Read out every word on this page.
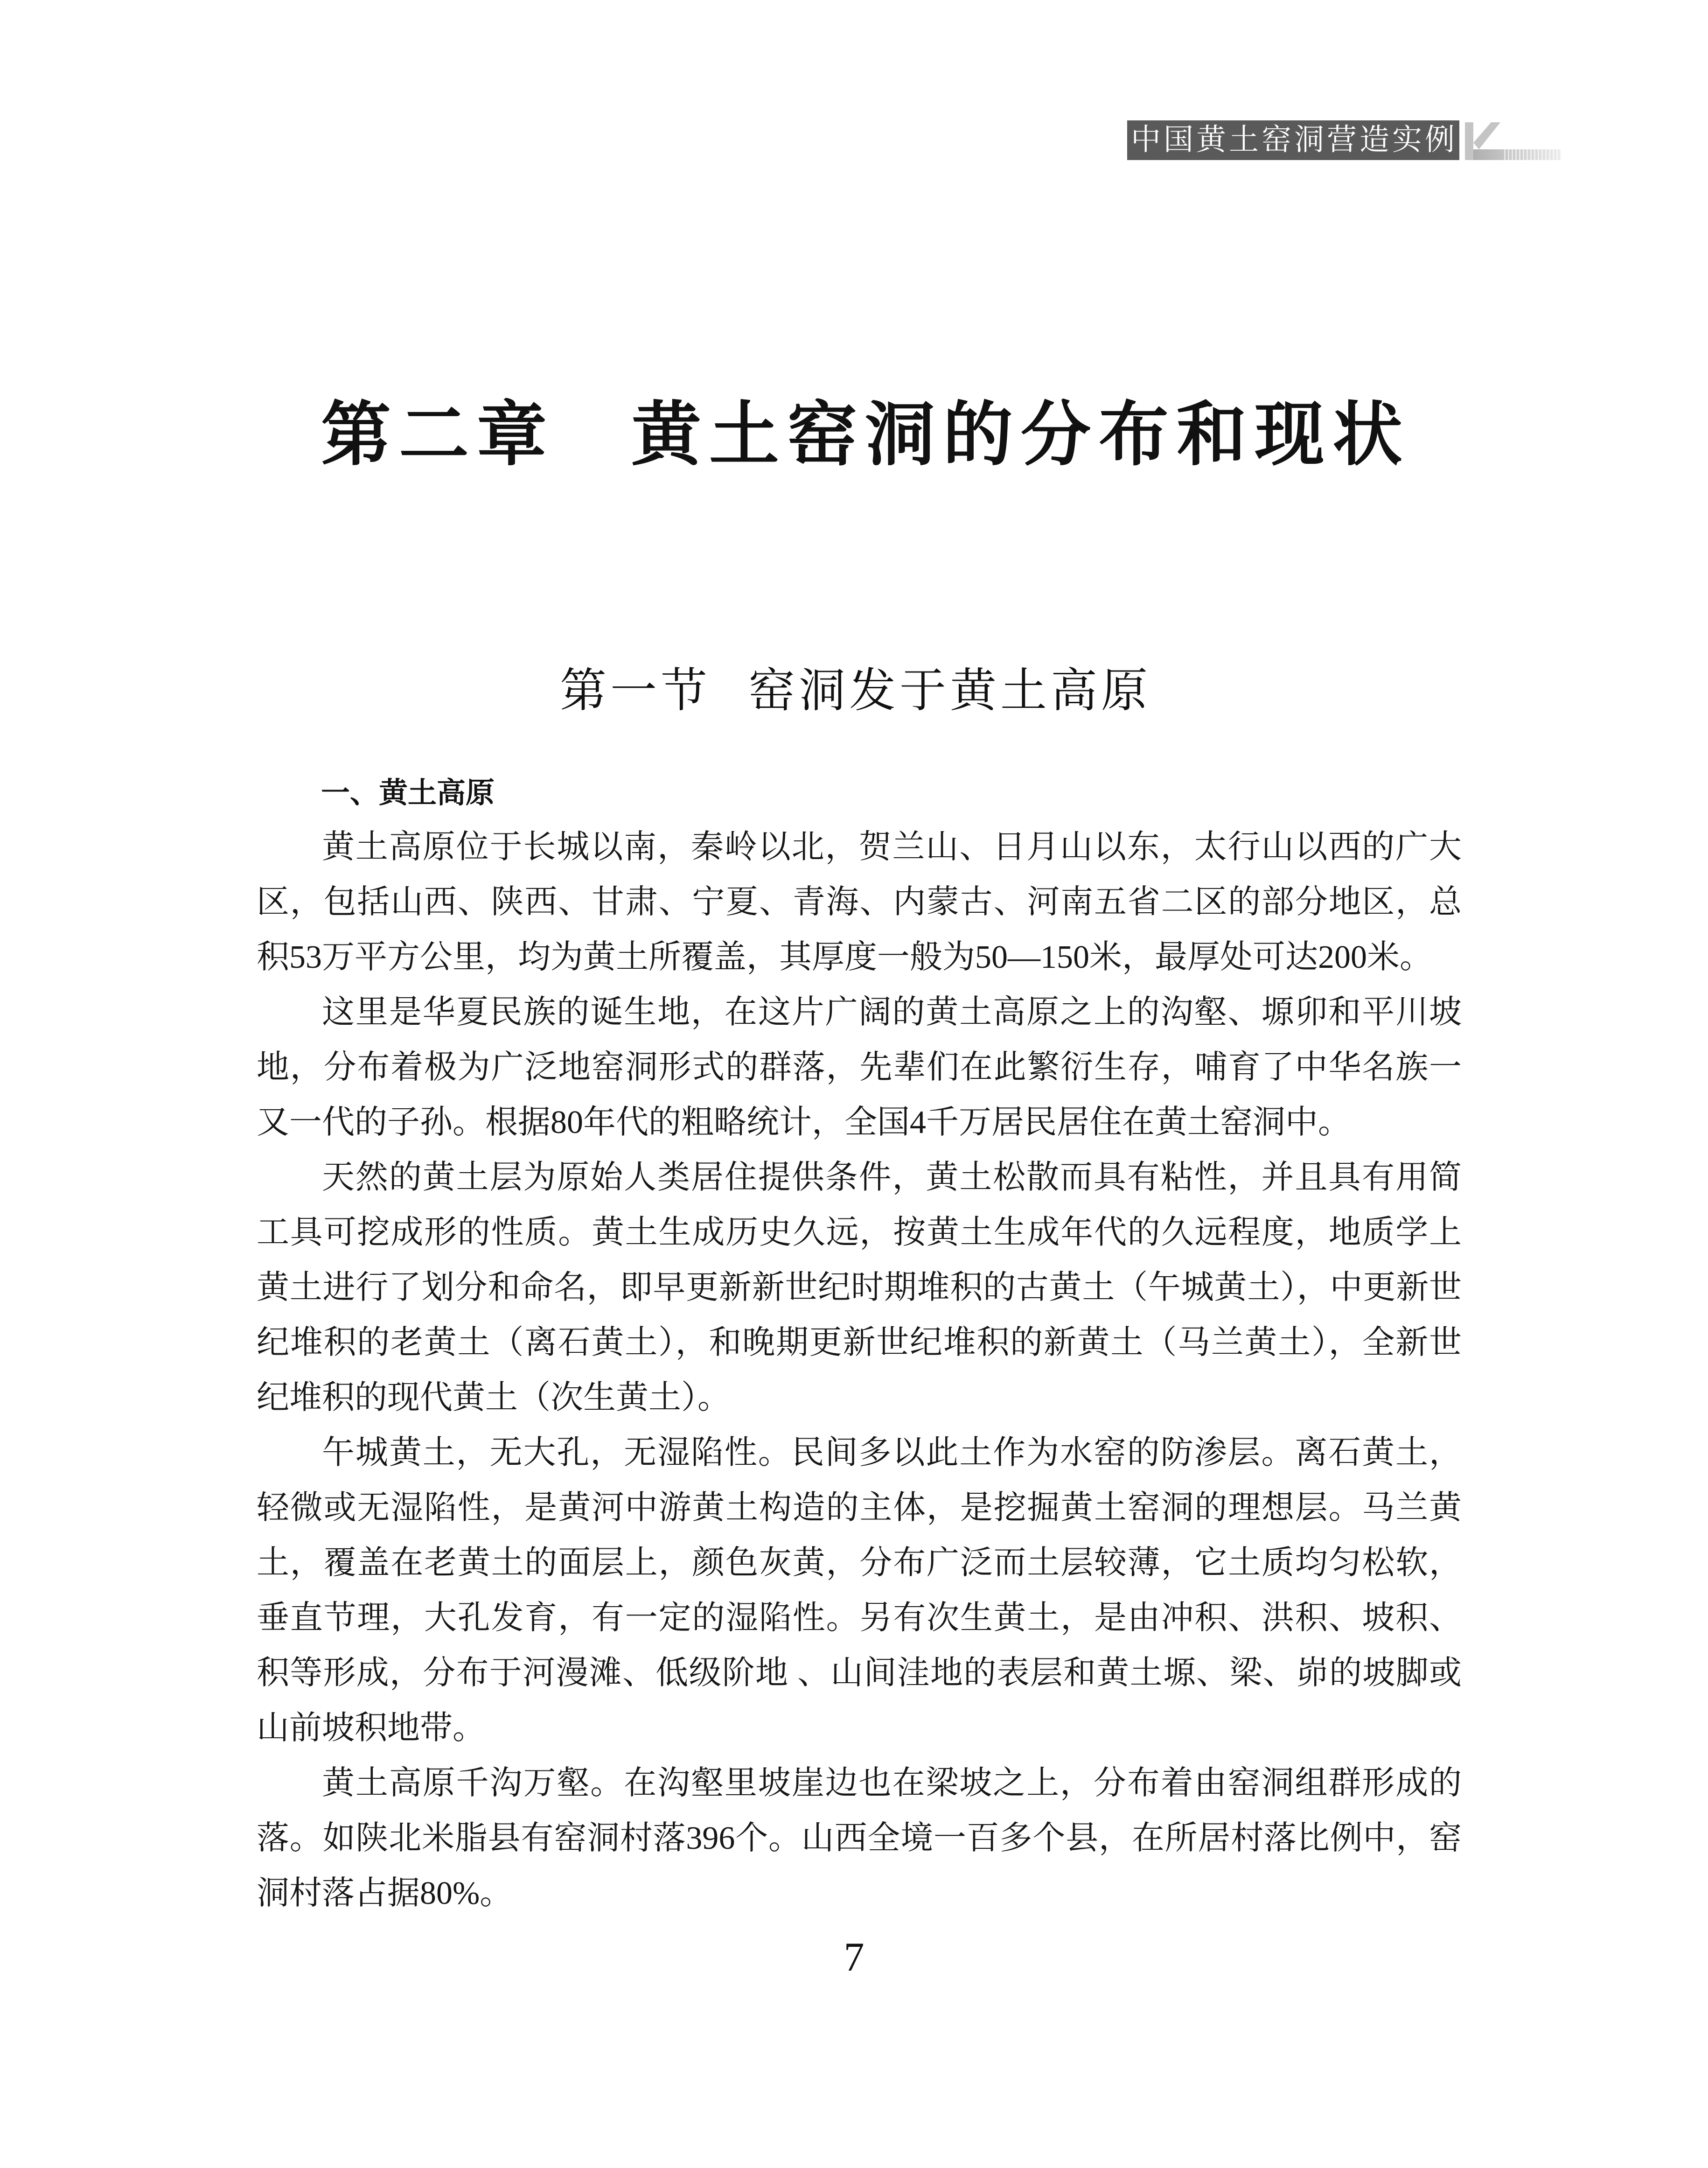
中国黄土窑洞营造实例
第二章 黄土窑洞的分布和现状
第一节 窑洞发于黄土高原
一、黄土高原
黄土高原位于长城以南，秦岭以北，贺兰山、日月山以东，太行山以西的广大
区，包括山西、陕西、甘肃、宁夏、青海、内蒙古、河南五省二区的部分地区，总
积53万平方公里，均为黄土所覆盖，其厚度一般为50—150米，最厚处可达200米。
这里是华夏民族的诞生地，在这片广阔的黄土高原之上的沟壑、塬卯和平川坡
地，分布着极为广泛地窑洞形式的群落，先辈们在此繁衍生存，哺育了中华名族一
又一代的子孙。根据80年代的粗略统计，全国4千万居民居住在黄土窑洞中。
天然的黄土层为原始人类居住提供条件，黄土松散而具有粘性，并且具有用简
工具可挖成形的性质。黄土生成历史久远，按黄土生成年代的久远程度，地质学上
黄土进行了划分和命名，即早更新新世纪时期堆积的古黄土（午城黄土），中更新世
纪堆积的老黄土（离石黄土），和晚期更新世纪堆积的新黄土（马兰黄土），全新世
纪堆积的现代黄土（次生黄土）。
午城黄土，无大孔，无湿陷性。民间多以此土作为水窑的防渗层。离石黄土，
轻微或无湿陷性，是黄河中游黄土构造的主体，是挖掘黄土窑洞的理想层。马兰黄
土，覆盖在老黄土的面层上，颜色灰黄，分布广泛而土层较薄，它土质均匀松软，
垂直节理，大孔发育，有一定的湿陷性。另有次生黄土，是由冲积、洪积、坡积、
积等形成，分布于河漫滩、低级阶地 、山间洼地的表层和黄土塬、梁、峁的坡脚或
山前坡积地带。
黄土高原千沟万壑。在沟壑里坡崖边也在梁坡之上，分布着由窑洞组群形成的
落。如陕北米脂县有窑洞村落396个。山西全境一百多个县，在所居村落比例中，窑
洞村落占据80%。
7
